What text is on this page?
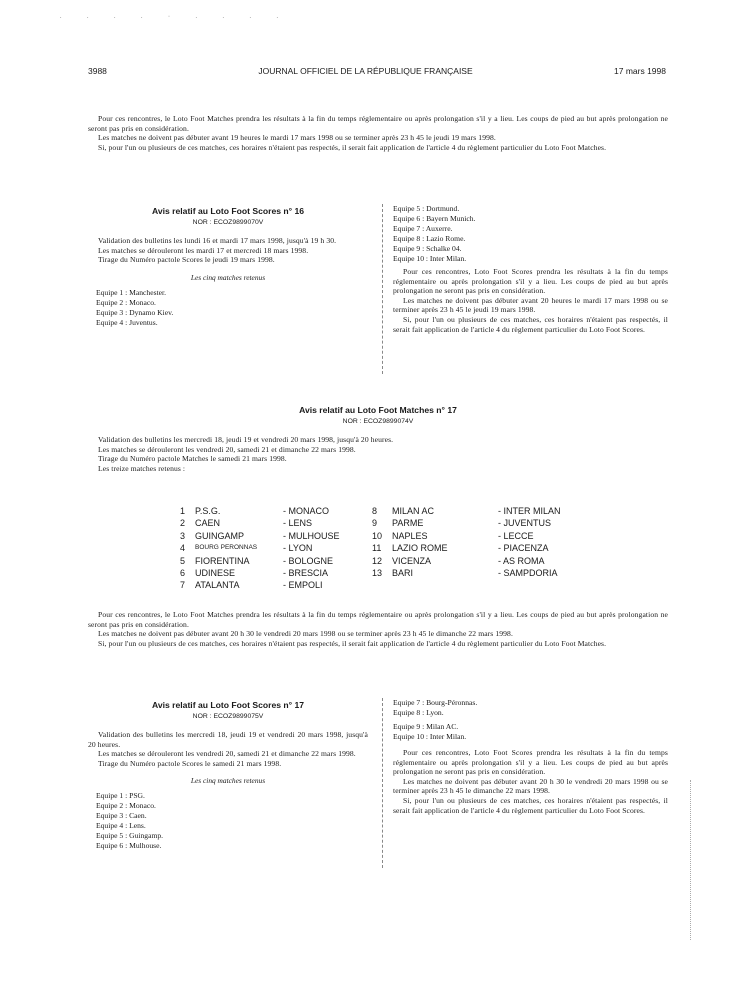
. . . . · . . . .
3988	JOURNAL OFFICIEL DE LA RÉPUBLIQUE FRANÇAISE	17 mars 1998
Pour ces rencontres, le Loto Foot Matches prendra les résultats à la fin du temps réglementaire ou après prolongation s'il y a lieu. Les coups de pied au but après prolongation ne seront pas pris en considération.
Les matches ne doivent pas débuter avant 19 heures le mardi 17 mars 1998 ou se terminer après 23 h 45 le jeudi 19 mars 1998.
Si, pour l'un ou plusieurs de ces matches, ces horaires n'étaient pas respectés, il serait fait application de l'article 4 du règlement particulier du Loto Foot Matches.
Avis relatif au Loto Foot Scores n° 16
NOR : ECOZ9899070V
Validation des bulletins les lundi 16 et mardi 17 mars 1998, jusqu'à 19 h 30.
Les matches se dérouleront les mardi 17 et mercredi 18 mars 1998.
Tirage du Numéro pactole Scores le jeudi 19 mars 1998.
Les cinq matches retenus
Equipe 1 : Manchester.
Equipe 2 : Monaco.
Equipe 3 : Dynamo Kiev.
Equipe 4 : Juventus.
Equipe 5 : Dortmund.
Equipe 6 : Bayern Munich.
Equipe 7 : Auxerre.
Equipe 8 : Lazio Rome.
Equipe 9 : Schalke 04.
Equipe 10 : Inter Milan.
Pour ces rencontres, Loto Foot Scores prendra les résultats à la fin du temps réglementaire ou après prolongation s'il y a lieu. Les coups de pied au but après prolongation ne seront pas pris en considération.
Les matches ne doivent pas débuter avant 20 heures le mardi 17 mars 1998 ou se terminer après 23 h 45 le jeudi 19 mars 1998.
Si, pour l'un ou plusieurs de ces matches, ces horaires n'étaient pas respectés, il serait fait application de l'article 4 du règlement particulier du Loto Foot Scores.
Avis relatif au Loto Foot Matches n° 17
NOR : ECOZ9899074V
Validation des bulletins les mercredi 18, jeudi 19 et vendredi 20 mars 1998, jusqu'à 20 heures.
Les matches se dérouleront les vendredi 20, samedi 21 et dimanche 22 mars 1998.
Tirage du Numéro pactole Matches le samedi 21 mars 1998.
Les treize matches retenus :
1
2
3
4
5
6
7
P.S.G.
CAEN
GUINGAMP
BOURG PERONNAS
FIORENTINA
UDINESE
ATALANTA
- MONACO
- LENS
- MULHOUSE
- LYON
- BOLOGNE
- BRESCIA
- EMPOLI
8
9
10
11
12
13
MILAN AC
PARME
NAPLES
LAZIO ROME
VICENZA
BARI
- INTER MILAN
- JUVENTUS
- LECCE
- PIACENZA
- AS ROMA
- SAMPDORIA
Pour ces rencontres, le Loto Foot Matches prendra les résultats à la fin du temps réglementaire ou après prolongation s'il y a lieu. Les coups de pied au but après prolongation ne seront pas pris en considération.
Les matches ne doivent pas débuter avant 20 h 30 le vendredi 20 mars 1998 ou se terminer après 23 h 45 le dimanche 22 mars 1998.
Si, pour l'un ou plusieurs de ces matches, ces horaires n'étaient pas respectés, il serait fait application de l'article 4 du règlement particulier du Loto Foot Matches.
Avis relatif au Loto Foot Scores n° 17
NOR : ECOZ9899075V
Validation des bulletins les mercredi 18, jeudi 19 et vendredi 20 mars 1998, jusqu'à 20 heures.
Les matches se dérouleront les vendredi 20, samedi 21 et dimanche 22 mars 1998.
Tirage du Numéro pactole Scores le samedi 21 mars 1998.
Les cinq matches retenus
Equipe 1 : PSG.
Equipe 2 : Monaco.
Equipe 3 : Caen.
Equipe 4 : Lens.
Equipe 5 : Guingamp.
Equipe 6 : Mulhouse.
Equipe 7 : Bourg-Péronnas.
Equipe 8 : Lyon.
Equipe 9 : Milan AC.
Equipe 10 : Inter Milan.
Pour ces rencontres, Loto Foot Scores prendra les résultats à la fin du temps réglementaire ou après prolongation s'il y a lieu. Les coups de pied au but après prolongation ne seront pas pris en considération.
Les matches ne doivent pas débuter avant 20 h 30 le vendredi 20 mars 1998 ou se terminer après 23 h 45 le dimanche 22 mars 1998.
Si, pour l'un ou plusieurs de ces matches, ces horaires n'étaient pas respectés, il serait fait application de l'article 4 du règlement particulier du Loto Foot Scores.
